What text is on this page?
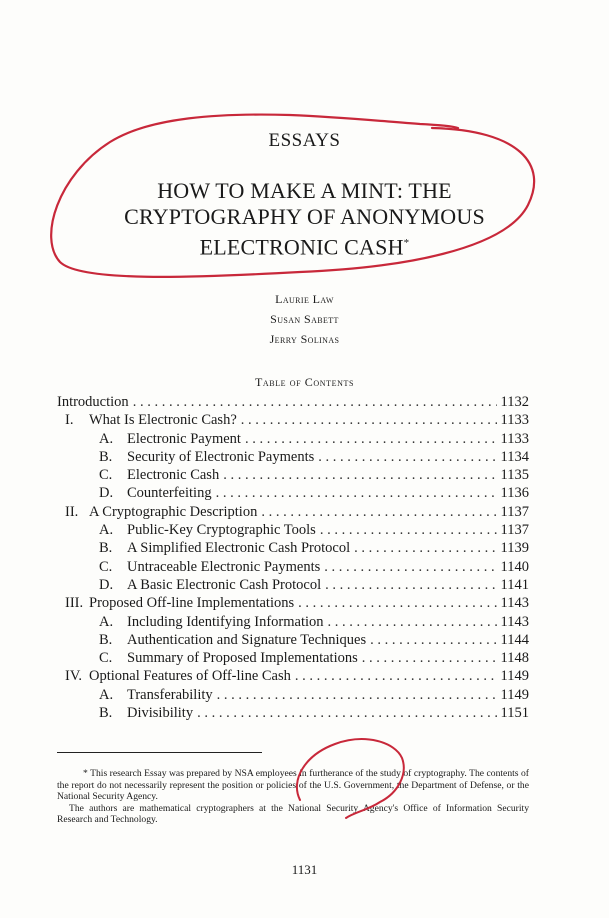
ESSAYS
HOW TO MAKE A MINT: THE
CRYPTOGRAPHY OF ANONYMOUS
ELECTRONIC CASH*
Laurie Law
Susan Sabett
Jerry Solinas
Table of Contents
Introduction . . .	1132
I. What Is Electronic Cash? . . .	1133
A. Electronic Payment . . .	1133
B. Security of Electronic Payments . . .	1134
C. Electronic Cash . . .	1135
D. Counterfeiting . . .	1136
II. A Cryptographic Description . . .	1137
A. Public-Key Cryptographic Tools . . .	1137
B. A Simplified Electronic Cash Protocol . . .	1139
C. Untraceable Electronic Payments . . .	1140
D. A Basic Electronic Cash Protocol . . .	1141
III. Proposed Off-line Implementations . . .	1143
A. Including Identifying Information . . .	1143
B. Authentication and Signature Techniques . . .	1144
C. Summary of Proposed Implementations . . .	1148
IV. Optional Features of Off-line Cash . . .	1149
A. Transferability . . .	1149
B. Divisibility . . .	1151

* This research Essay was prepared by NSA employees in furtherance of the study of cryptography. The contents of the report do not necessarily represent the position or policies of the U.S. Government, the Department of Defense, or the National Security Agency.

The authors are mathematical cryptographers at the National Security Agency's Office of Information Security Research and Technology.

1131
